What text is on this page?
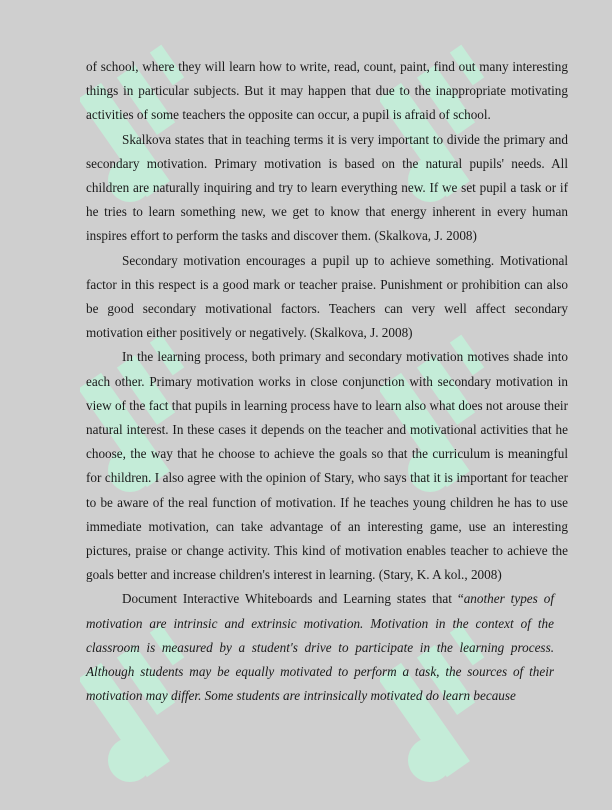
of school, where they will learn how to write, read, count, paint, find out many interesting things in particular subjects. But it may happen that due to the inappropriate motivating activities of some teachers the opposite can occur, a pupil is afraid of school.

Skalkova states that in teaching terms it is very important to divide the primary and secondary motivation. Primary motivation is based on the natural pupils' needs. All children are naturally inquiring and try to learn everything new. If we set pupil a task or if he tries to learn something new, we get to know that energy inherent in every human inspires effort to perform the tasks and discover them. (Skalkova, J. 2008)

Secondary motivation encourages a pupil up to achieve something. Motivational factor in this respect is a good mark or teacher praise. Punishment or prohibition can also be good secondary motivational factors. Teachers can very well affect secondary motivation either positively or negatively. (Skalkova, J. 2008)

In the learning process, both primary and secondary motivation motives shade into each other. Primary motivation works in close conjunction with secondary motivation in view of the fact that pupils in learning process have to learn also what does not arouse their natural interest. In these cases it depends on the teacher and motivational activities that he choose, the way that he choose to achieve the goals so that the curriculum is meaningful for children. I also agree with the opinion of Stary, who says that it is important for teacher to be aware of the real function of motivation. If he teaches young children he has to use immediate motivation, can take advantage of an interesting game, use an interesting pictures, praise or change activity. This kind of motivation enables teacher to achieve the goals better and increase children's interest in learning. (Stary, K. A kol., 2008)

Document Interactive Whiteboards and Learning states that “another types of motivation are intrinsic and extrinsic motivation. Motivation in the context of the classroom is measured by a student's drive to participate in the learning process. Although students may be equally motivated to perform a task, the sources of their motivation may differ. Some students are intrinsically motivated do learn because
